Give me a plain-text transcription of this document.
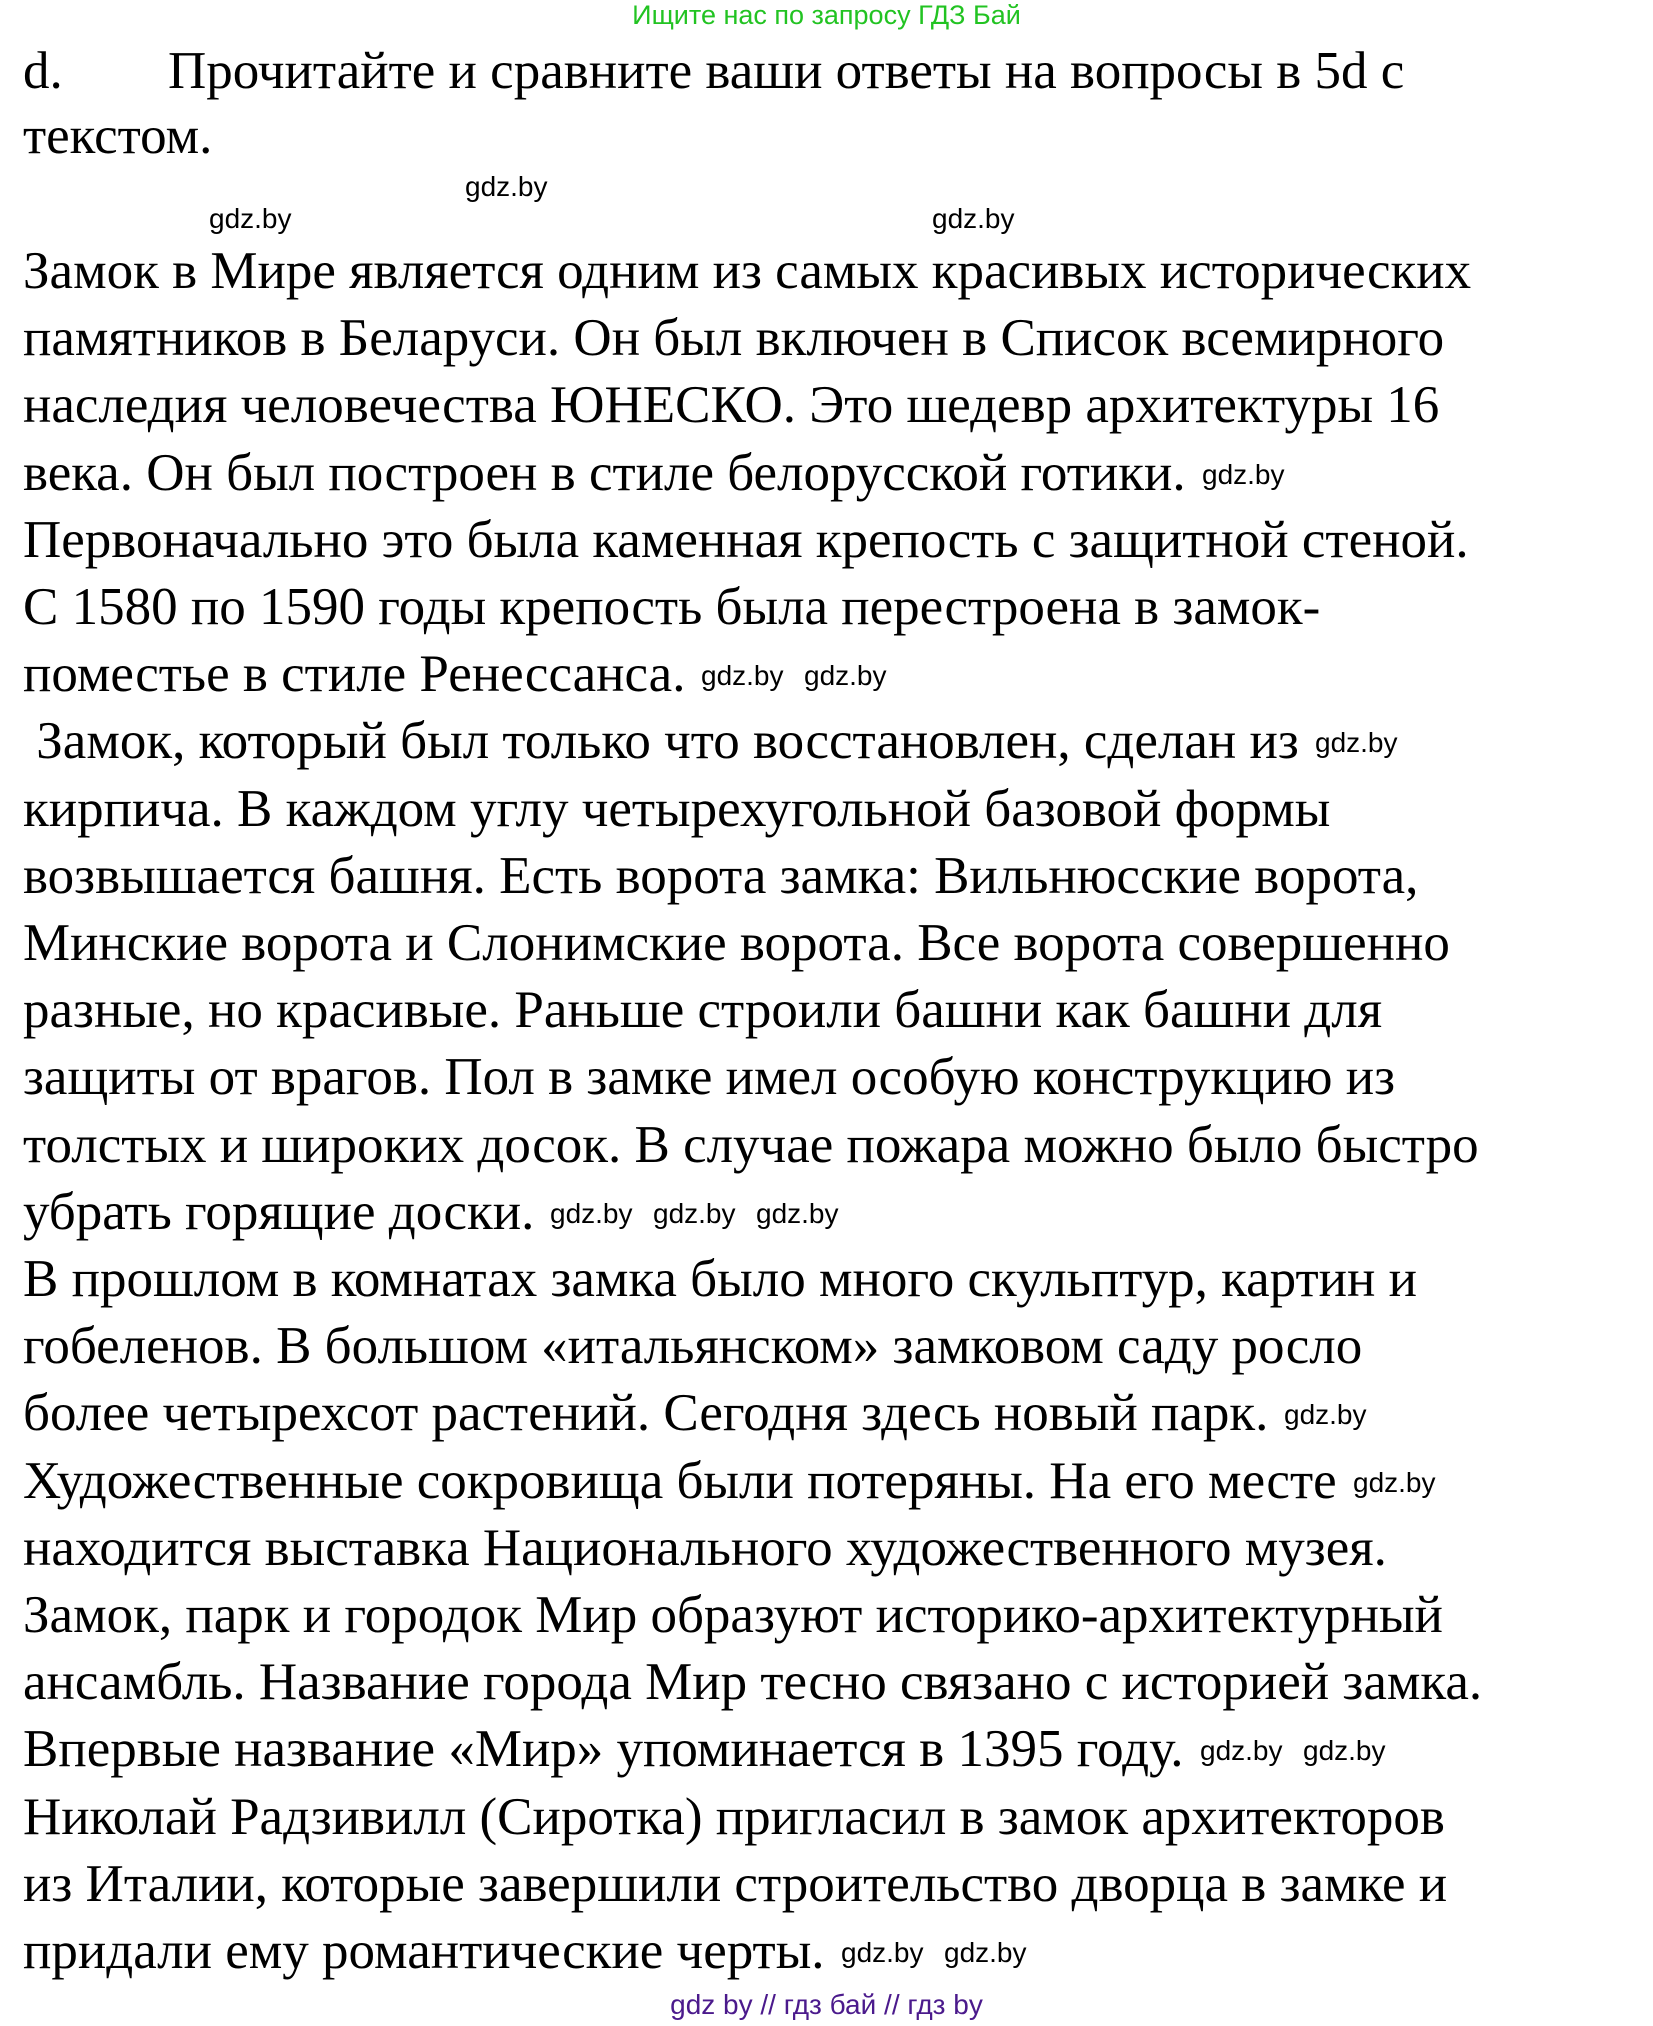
Ищите нас по запросу ГДЗ Бай
d. Прочитайте и сравните ваши ответы на вопросы в 5d с
текстом.
Замок в Мире является одним из самых красивых исторических
памятников в Беларуси. Он был включен в Список всемирного
наследия человечества ЮНЕСКО. Это шедевр архитектуры 16
века. Он был построен в стиле белорусской готики.
Первоначально это была каменная крепость с защитной стеной.
С 1580 по 1590 годы крепость была перестроена в замок-
поместье в стиле Ренессанса.
Замок, который был только что восстановлен, сделан из
кирпича. В каждом углу четырехугольной базовой формы
возвышается башня. Есть ворота замка: Вильнюсские ворота,
Минские ворота и Слонимские ворота. Все ворота совершенно
разные, но красивые. Раньше строили башни как башни для
защиты от врагов. Пол в замке имел особую конструкцию из
толстых и широких досок. В случае пожара можно было быстро
убрать горящие доски.
В прошлом в комнатах замка было много скульптур, картин и
гобеленов. В большом «итальянском» замковом саду росло
более четырехсот растений. Сегодня здесь новый парк.
Художественные сокровища были потеряны. На его месте
находится выставка Национального художественного музея.
Замок, парк и городок Мир образуют историко-архитектурный
ансамбль. Название города Мир тесно связано с историей замка.
Впервые название «Мир» упоминается в 1395 году.
Николай Радзивилл (Сиротка) пригласил в замок архитекторов
из Италии, которые завершили строительство дворца в замке и
придали ему романтические черты.
gdz.by
gdz.by	gdz.by
gdz.by
gdz.by gdz.by
gdz.by
gdz.by gdz.by gdz.by
gdz.by
gdz.by
gdz.by gdz.by
gdz.by gdz.by
gdz by // гдз бай // гдз by
